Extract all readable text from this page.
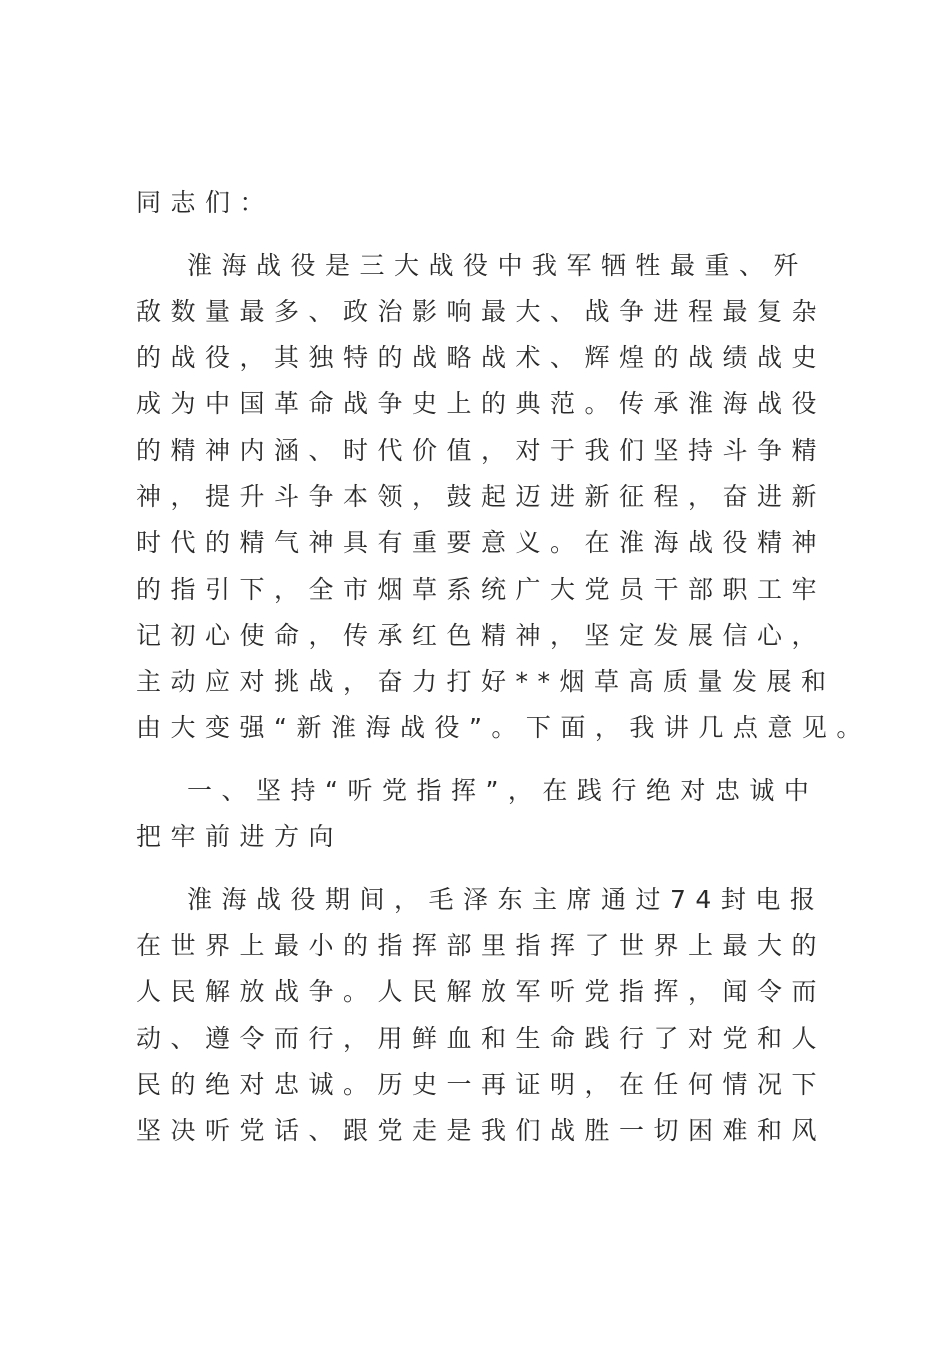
同志们：
淮海战役是三大战役中我军牺牲最重、歼
敌数量最多、政治影响最大、战争进程最复杂
的战役，其独特的战略战术、辉煌的战绩战史
成为中国革命战争史上的典范。传承淮海战役
的精神内涵、时代价值，对于我们坚持斗争精
神，提升斗争本领，鼓起迈进新征程，奋进新
时代的精气神具有重要意义。在淮海战役精神
的指引下，全市烟草系统广大党员干部职工牢
记初心使命，传承红色精神，坚定发展信心，
主动应对挑战，奋力打好**烟草高质量发展和
由大变强“新淮海战役”。下面，我讲几点意见。
一、坚持“听党指挥”，在践行绝对忠诚中
把牢前进方向
淮海战役期间，毛泽东主席通过74封电报
在世界上最小的指挥部里指挥了世界上最大的
人民解放战争。人民解放军听党指挥，闻令而
动、遵令而行，用鲜血和生命践行了对党和人
民的绝对忠诚。历史一再证明，在任何情况下
坚决听党话、跟党走是我们战胜一切困难和风
